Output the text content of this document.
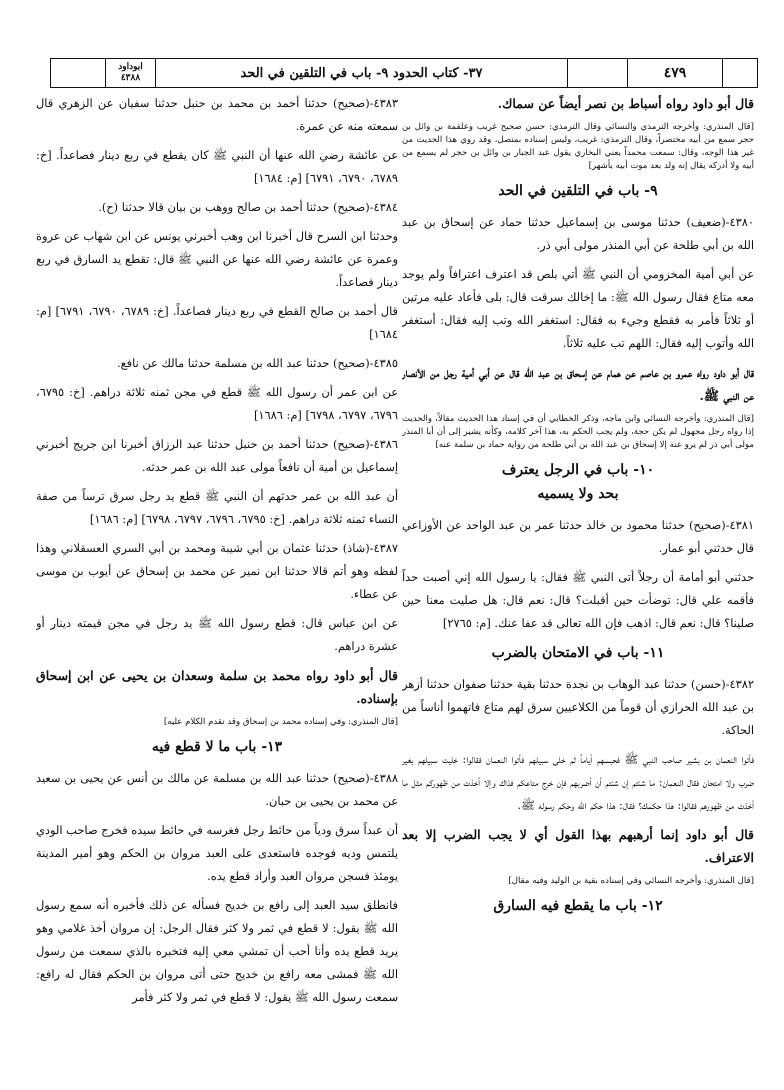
ابوداود
٤٣٨٨	٣٧- كتاب الحدود ٩- باب في التلقين في الحد	٤٧٩

قال أبو داود رواه أسباط بن نصر أيضاً عن سماك.

[قال المنذري: وأخرجه الترمذي والنسائي وقال الترمذي: حسن صحيح غريب وعلقمة بن وائل بن حجر سمع من أبيه مختصراً، وقال الترمذي: غريب، وليس إسناده بمتصل، وقد روي هذا الحديث من غير هذا الوجه، وقال: سمعت محمداً يعني البخاري يقول عبد الجبار بن وائل بن حجر لم يسمع من أبيه ولا أدركه يقال إنه ولد بعد موت أبيه بأشهر]

٩- باب في التلقين في الحد

٤٣٨٠-(ضعيف) حدثنا موسى بن إسماعيل حدثنا حماد عن إسحاق بن عبد الله بن أبي طلحة عن أبي المنذر مولى أبي ذر.

عن أبي أمية المخزومي أن النبي ﷺ أتي بلص قد اعترف اعترافاً ولم يوجد معه متاع فقال رسول الله ﷺ: ما إخالك سرقت قال: بلى فأعاد عليه مرتين أو ثلاثاً فأمر به فقطع وجيء به فقال: استغفر الله وتب إليه فقال: أستغفر الله وأتوب إليه فقال: اللهم تب عليه ثلاثاً.

قال أبو داود رواه عمرو بن عاصم عن همام عن إسحاق بن عبد الله قال عن أبي أمية رجل من الأنصار عن النبي ﷺ.

[قال المنذري: وأخرجه النسائي وابن ماجه، وذكر الخطابي أن في إسناد هذا الحديث مقالاً، والحديث إذا رواه رجل مجهول لم يكن حجة، ولم يجب الحكم به، هذا آخر كلامه، وكأنه يشير إلى أن أبا المنذر مولى أبي ذر لم يرو عنه إلا إسحاق بن عبد الله بن أبي طلحة من رواية حماد بن سلمة عنه]

١٠- باب في الرجل يعترف
بحد ولا يسميه

٤٣٨١-(صحيح) حدثنا محمود بن خالد حدثنا عمر بن عبد الواحد عن الأوزاعي قال حدثني أبو عمار.

حدثني أبو أمامة أن رجلاً أتى النبي ﷺ فقال: يا رسول الله إني أصبت حداً فأقمه علي قال: توضأت حين أقبلت؟ قال: نعم قال: هل صليت معنا حين صلينا؟ قال: نعم قال: اذهب فإن الله تعالى قد عفا عنك. [م: ٢٧٦٥]

١١- باب في الامتحان بالضرب

٤٣٨٢-(حسن) حدثنا عبد الوهاب بن نجدة حدثنا بقية حدثنا صفوان حدثنا أزهر بن عبد الله الحرازي أن قوماً من الكلاعيين سرق لهم متاع فاتهموا أناساً من الحاكة.

فأتوا النعمان بن بشير صاحب النبي ﷺ فحبسهم أياماً ثم خلى سبيلهم فأتوا النعمان فقالوا: خليت سبيلهم بغير ضرب ولا امتحان فقال النعمان: ما شئتم إن شئتم أن أضربهم فإن خرج متاعكم فذاك وإلا أخذت من ظهوركم مثل ما أخذت من ظهورهم فقالوا: هذا حكمك؟ فقال: هذا حكم الله وحكم رسوله ﷺ.

قال أبو داود إنما أرهبهم بهذا القول أي لا يجب الضرب إلا بعد الاعتراف.

[قال المنذري: وأخرجه النسائي وفي إسناده بقية بن الوليد وفيه مقال]

١٢- باب ما يقطع فيه السارق

٤٣٨٣-(صحيح) حدثنا أحمد بن محمد بن حنبل حدثنا سفيان عن الزهري قال سمعته منه عن عمرة.

عن عائشة رضي الله عنها أن النبي ﷺ كان يقطع في ربع دينار فصاعداً. [خ: ٦٧٨٩، ٦٧٩٠، ٦٧٩١] [م: ١٦٨٤]

٤٣٨٤-(صحيح) حدثنا أحمد بن صالح ووهب بن بيان قالا حدثنا (ح).

وحدثنا ابن السرح قال أخبرنا ابن وهب أخبرني يونس عن ابن شهاب عن عروة وعمرة عن عائشة رضي الله عنها عن النبي ﷺ قال: تقطع يد السارق في ربع دينار فصاعداً.

قال أحمد بن صالح القطع في ربع دينار فصاعداً. [خ: ٦٧٨٩، ٦٧٩٠، ٦٧٩١] [م: ١٦٨٤]

٤٣٨٥-(صحيح) حدثنا عبد الله بن مسلمة حدثنا مالك عن نافع.

عن ابن عمر أن رسول الله ﷺ قطع في مجن ثمنه ثلاثة دراهم. [خ: ٦٧٩٥، ٦٧٩٦، ٦٧٩٧، ٦٧٩٨] [م: ١٦٨٦]

٤٣٨٦-(صحيح) حدثنا أحمد بن حنبل حدثنا عبد الرزاق أخبرنا ابن جريج أخبرني إسماعيل بن أمية أن نافعاً مولى عبد الله بن عمر حدثه.

أن عبد الله بن عمر حدثهم أن النبي ﷺ قطع يد رجل سرق ترساً من صفة النساء ثمنه ثلاثة دراهم. [خ: ٦٧٩٥، ٦٧٩٦، ٦٧٩٧، ٦٧٩٨] [م: ١٦٨٦]

٤٣٨٧-(شاذ) حدثنا عثمان بن أبي شيبة ومحمد بن أبي السري العسقلاني وهذا لفظه وهو أتم قالا حدثنا ابن نمير عن محمد بن إسحاق عن أيوب بن موسى عن عطاء.

عن ابن عباس قال: قطع رسول الله ﷺ يد رجل في مجن قيمته دينار أو عشرة دراهم.

قال أبو داود رواه محمد بن سلمة وسعدان بن يحيى عن ابن إسحاق بإسناده.

[قال المنذري: وفي إسناده محمد بن إسحاق وقد تقدم الكلام عليه]

١٣- باب ما لا قطع فيه

٤٣٨٨-(صحيح) حدثنا عبد الله بن مسلمة عن مالك بن أنس عن يحيى بن سعيد عن محمد بن يحيى بن حبان.

أن عبداً سرق ودياً من حائط رجل فغرسه في حائط سيده فخرج صاحب الودي يلتمس وديه فوجده فاستعدى على العبد مروان بن الحكم وهو أمير المدينة يومئذ فسجن مروان العبد وأراد قطع يده.

فانطلق سيد العبد إلى رافع بن خديج فسأله عن ذلك فأخبره أنه سمع رسول الله ﷺ يقول: لا قطع في ثمر ولا كثر فقال الرجل: إن مروان أخذ غلامي وهو يريد قطع يده وأنا أحب أن تمشي معي إليه فتخبره بالذي سمعت من رسول الله ﷺ فمشى معه رافع بن خديج حتى أتى مروان بن الحكم فقال له رافع: سمعت رسول الله ﷺ يقول: لا قطع في ثمر ولا كثر فأمر
